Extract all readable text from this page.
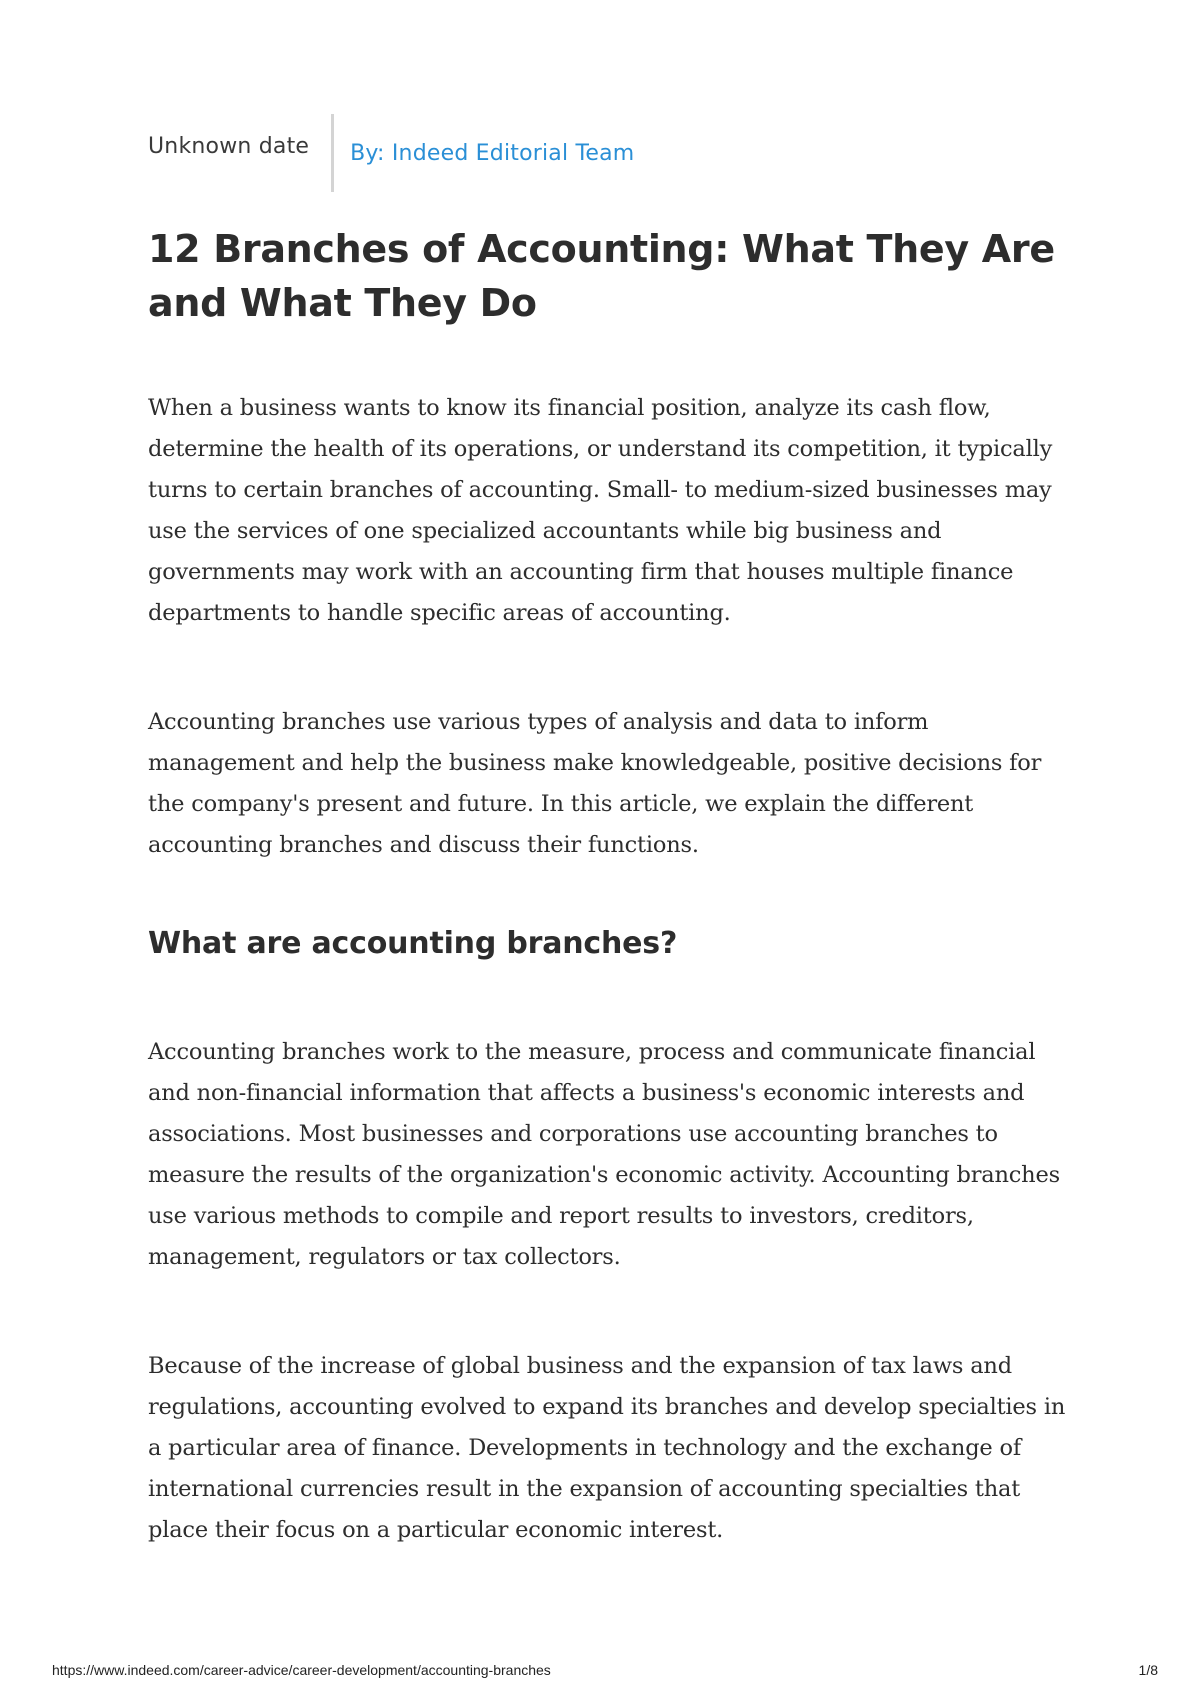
Unknown date By: Indeed Editorial Team
12 Branches of Accounting: What They Are and What They Do

When a business wants to know its financial position, analyze its cash flow, determine the health of its operations, or understand its competition, it typically turns to certain branches of accounting. Small- to medium-sized businesses may use the services of one specialized accountants while big business and governments may work with an accounting firm that houses multiple finance departments to handle specific areas of accounting.

Accounting branches use various types of analysis and data to inform management and help the business make knowledgeable, positive decisions for the company's present and future. In this article, we explain the different accounting branches and discuss their functions.

What are accounting branches?

Accounting branches work to the measure, process and communicate financial and non-financial information that affects a business's economic interests and associations. Most businesses and corporations use accounting branches to measure the results of the organization's economic activity. Accounting branches use various methods to compile and report results to investors, creditors, management, regulators or tax collectors.

Because of the increase of global business and the expansion of tax laws and regulations, accounting evolved to expand its branches and develop specialties in a particular area of finance. Developments in technology and the exchange of international currencies result in the expansion of accounting specialties that place their focus on a particular economic interest.

https://www.indeed.com/career-advice/career-development/accounting-branches	1/8
